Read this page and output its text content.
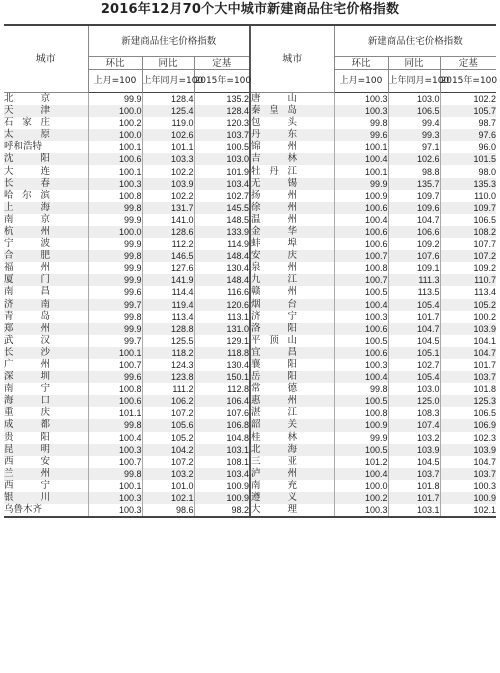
2016年12月70个大中城市新建商品住宅价格指数
城市	新建商品住宅价格指数			城市	新建商品住宅价格指数		
	环比	同比	定基		环比	同比	定基
	上月=100	上年同月=100	2015年=100		上月=100	上年同月=100	2015年=100

北 京	99.9	128.4	135.2	唐 山	100.3	103.0	102.2

天 津	100.0	125.4	128.4	秦 皇 岛	100.3	106.5	105.7

石 家 庄	100.2	119.0	120.3	包 头	99.8	99.4	98.7

太 原	100.0	102.6	103.7	丹 东	99.6	99.3	97.6

呼 和 浩 特	100.1	101.1	100.5	锦 州	100.1	97.1	96.0

沈 阳	100.6	103.3	103.0	吉 林	100.4	102.6	101.5

大 连	100.1	102.2	101.9	牡 丹 江	100.1	98.8	98.0

长 春	100.3	103.9	103.4	无 锡	99.9	135.7	135.3

哈 尔 滨	100.8	102.2	102.7	扬 州	100.9	109.7	110.0

上 海	99.8	131.7	145.5	徐 州	100.6	109.6	109.7

南 京	99.9	141.0	148.5	温 州	100.4	104.7	106.5

杭 州	100.0	128.6	133.9	金 华	100.6	106.6	108.2

宁 波	99.9	112.2	114.9	蚌 埠	100.6	109.2	107.7

合 肥	99.8	146.5	148.4	安 庆	100.7	107.6	107.2

福 州	99.9	127.6	130.4	泉 州	100.8	109.1	109.2

厦 门	99.9	141.9	148.4	九 江	100.7	111.3	110.7

南 昌	99.6	114.4	116.6	赣 州	100.5	113.5	113.4

济 南	99.7	119.4	120.6	烟 台	100.4	105.4	105.2

青 岛	99.8	113.4	113.1	济 宁	100.3	101.7	100.2

郑 州	99.9	128.8	131.0	洛 阳	100.6	104.7	103.9

武 汉	99.7	125.5	129.1	平 顶 山	100.5	104.5	104.1

长 沙	100.1	118.2	118.8	宜 昌	100.6	105.1	104.7

广 州	100.7	124.3	130.4	襄 阳	100.3	102.7	101.7

深 圳	99.6	123.8	150.1	岳 阳	100.4	105.4	103.7

南 宁	100.8	111.2	112.8	常 德	99.8	103.0	101.8

海 口	100.6	106.2	106.4	惠 州	100.5	125.0	125.3

重 庆	101.1	107.2	107.6	湛 江	100.8	108.3	106.5

成 都	99.8	105.6	106.8	韶 关	100.9	107.4	106.9

贵 阳	100.4	105.2	104.8	桂 林	99.9	103.2	102.3

昆 明	100.3	104.2	103.1	北 海	100.5	103.9	103.9

西 安	100.7	107.2	108.1	三 亚	101.2	104.5	104.7

兰 州	99.8	103.2	103.4	泸 州	100.4	103.7	103.7

西 宁	100.1	101.0	100.9	南 充	100.0	101.8	100.3

银 川	100.3	102.1	100.9	遵 义	100.2	101.7	100.9

乌 鲁 木 齐	100.3	98.6	98.2	大 理	100.3	103.1	102.1
